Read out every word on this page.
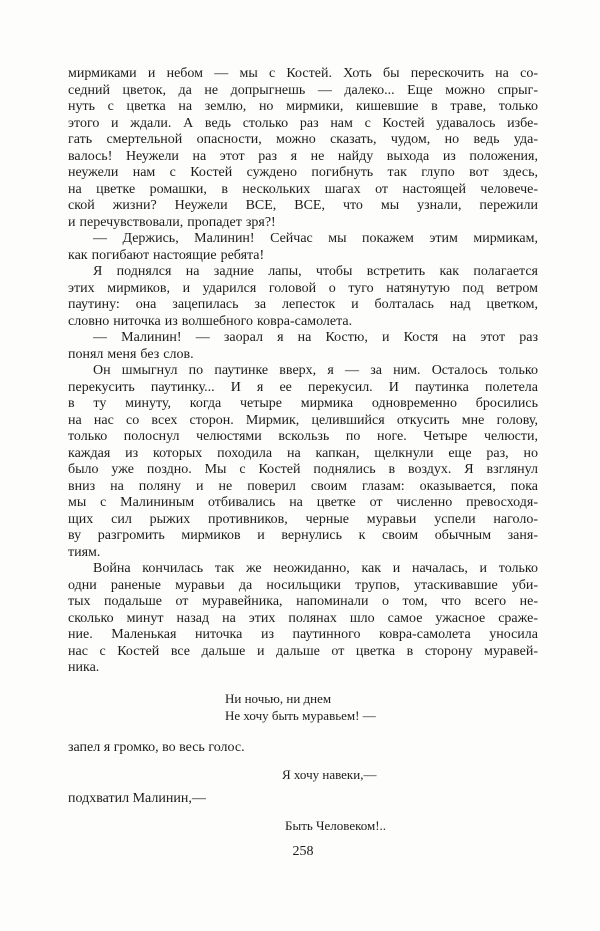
мирмиками и небом — мы с Костей. Хоть бы перескочить на со-
седний цветок, да не допрыгнешь — далеко... Еще можно спрыг-
нуть с цветка на землю, но мирмики, кишевшие в траве, только
этого и ждали. А ведь столько раз нам с Костей удавалось избе-
гать смертельной опасности, можно сказать, чудом, но ведь уда-
валось! Неужели на этот раз я не найду выхода из положения,
неужели нам с Костей суждено погибнуть так глупо вот здесь,
на цветке ромашки, в нескольких шагах от настоящей человече-
ской жизни? Неужели ВСЕ, ВСЕ, что мы узнали, пережили
и перечувствовали, пропадет зря?!
— Держись, Малинин! Сейчас мы покажем этим мирмикам,
как погибают настоящие ребята!
Я поднялся на задние лапы, чтобы встретить как полагается
этих мирмиков, и ударился головой о туго натянутую под ветром
паутину: она зацепилась за лепесток и болталась над цветком,
словно ниточка из волшебного ковра-самолета.
— Малинин! — заорал я на Костю, и Костя на этот раз
понял меня без слов.
Он шмыгнул по паутинке вверх, я — за ним. Осталось только
перекусить паутинку... И я ее перекусил. И паутинка полетела
в ту минуту, когда четыре мирмика одновременно бросились
на нас со всех сторон. Мирмик, целившийся откусить мне голову,
только полоснул челюстями вскользь по ноге. Четыре челюсти,
каждая из которых походила на капкан, щелкнули еще раз, но
было уже поздно. Мы с Костей поднялись в воздух. Я взглянул
вниз на поляну и не поверил своим глазам: оказывается, пока
мы с Малининым отбивались на цветке от численно превосходя-
щих сил рыжих противников, черные муравьи успели наголо-
ву разгромить мирмиков и вернулись к своим обычным заня-
тиям.
Война кончилась так же неожиданно, как и началась, и только
одни раненые муравьи да носильщики трупов, утаскивавшие уби-
тых подальше от муравейника, напоминали о том, что всего не-
сколько минут назад на этих полянах шло самое ужасное сраже-
ние. Маленькая ниточка из паутинного ковра-самолета уносила
нас с Костей все дальше и дальше от цветка в сторону муравей-
ника.
Ни ночью, ни днем
Не хочу быть муравьем! —
запел я громко, во весь голос.
Я хочу навеки,—
подхватил Малинин,—
Быть Человеком!..
258
